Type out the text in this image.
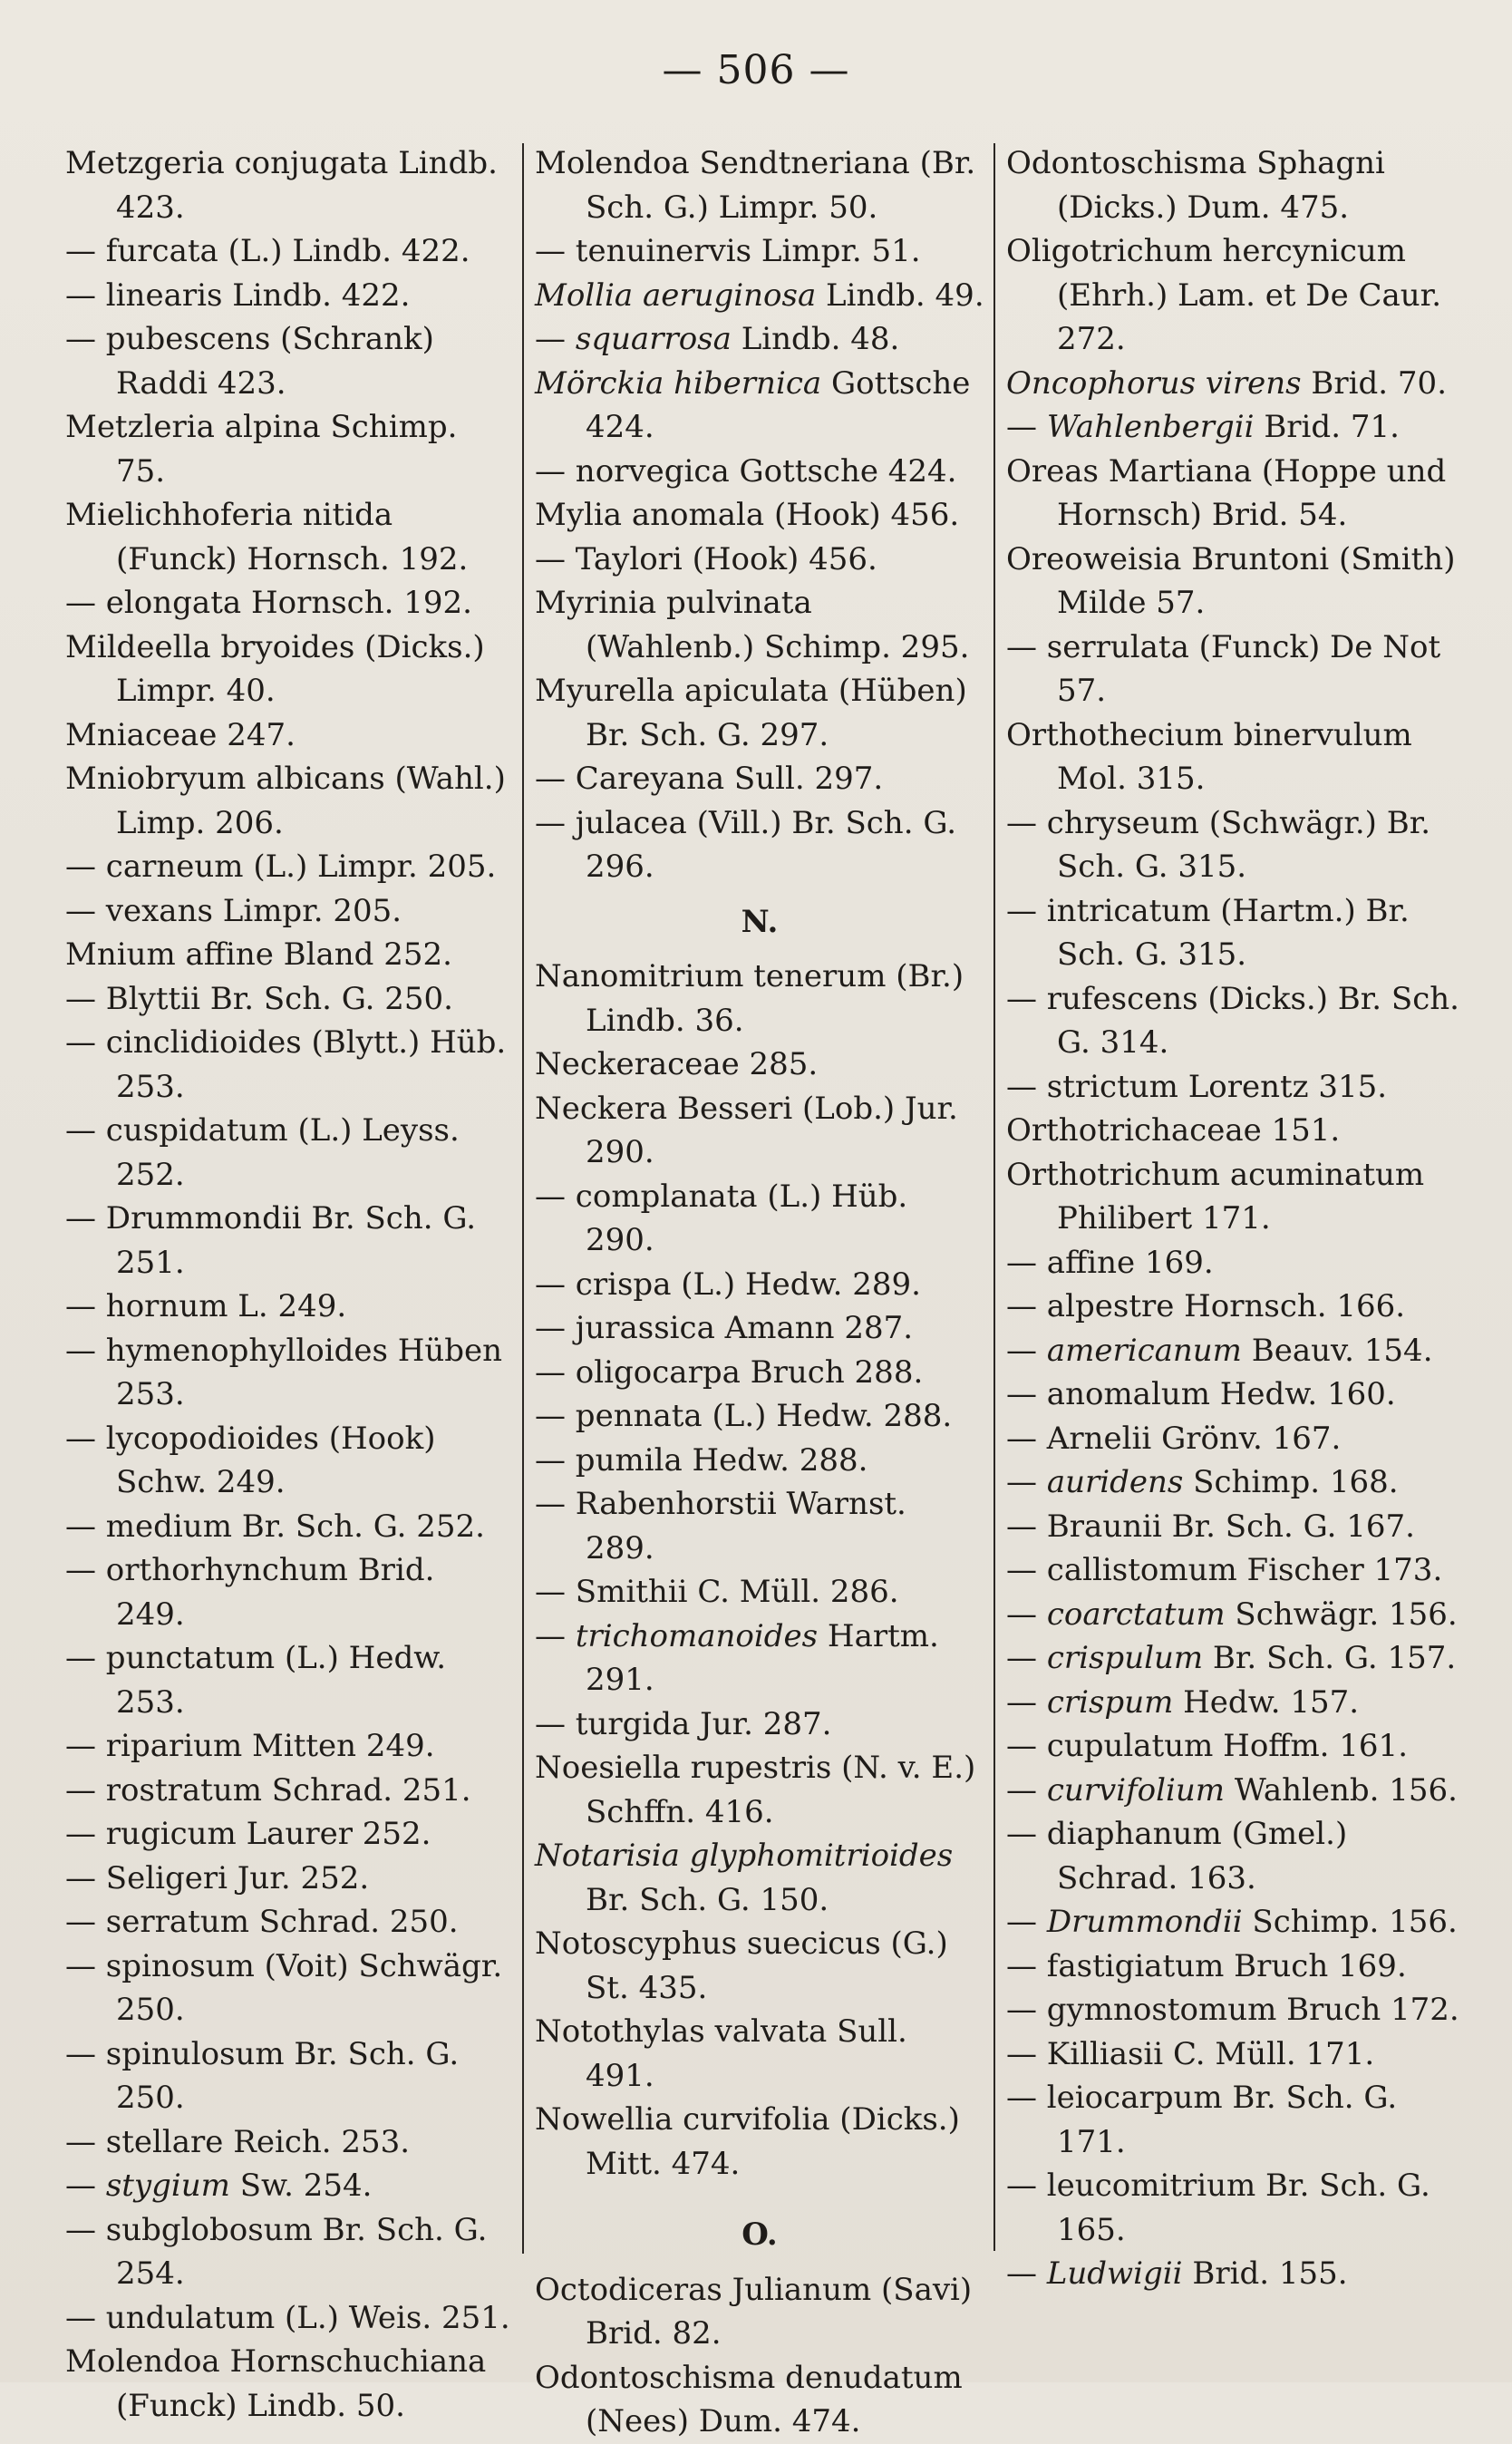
— 506 —

Metzgeria conjugata Lindb. 423.

— furcata (L.) Lindb. 422.

— linearis Lindb. 422.

— pubescens (Schrank) Raddi 423.

Metzleria alpina Schimp. 75.

Mielichhoferia nitida (Funck) Hornsch. 192.

— elongata Hornsch. 192.

Mildeella bryoides (Dicks.) Limpr. 40.

Mniaceae 247.

Mniobryum albicans (Wahl.) Limp. 206.

— carneum (L.) Limpr. 205.

— vexans Limpr. 205.

Mnium affine Bland 252.

— Blyttii Br. Sch. G. 250.

— cinclidioides (Blytt.) Hüb. 253.

— cuspidatum (L.) Leyss. 252.

— Drummondii Br. Sch. G. 251.

— hornum L. 249.

— hymenophylloides Hüben 253.

— lycopodioides (Hook) Schw. 249.

— medium Br. Sch. G. 252.

— orthorhynchum Brid. 249.

— punctatum (L.) Hedw. 253.

— riparium Mitten 249.

— rostratum Schrad. 251.

— rugicum Laurer 252.

— Seligeri Jur. 252.

— serratum Schrad. 250.

— spinosum (Voit) Schwägr. 250.

— spinulosum Br. Sch. G. 250.

— stellare Reich. 253.

— stygium Sw. 254.

— subglobosum Br. Sch. G. 254.

— undulatum (L.) Weis. 251.

Molendoa Hornschuchiana (Funck) Lindb. 50.

Molendoa Sendtneriana (Br. Sch. G.) Limpr. 50.

— tenuinervis Limpr. 51.

Mollia aeruginosa Lindb. 49.

— squarrosa Lindb. 48.

Mörckia hibernica Gottsche 424.

— norvegica Gottsche 424.

Mylia anomala (Hook) 456.

— Taylori (Hook) 456.

Myrinia pulvinata (Wahlenb.) Schimp. 295.

Myurella apiculata (Hüben) Br. Sch. G. 297.

— Careyana Sull. 297.

— julacea (Vill.) Br. Sch. G. 296.

N.

Nanomitrium tenerum (Br.) Lindb. 36.

Neckeraceae 285.

Neckera Besseri (Lob.) Jur. 290.

— complanata (L.) Hüb. 290.

— crispa (L.) Hedw. 289.

— jurassica Amann 287.

— oligocarpa Bruch 288.

— pennata (L.) Hedw. 288.

— pumila Hedw. 288.

— Rabenhorstii Warnst. 289.

— Smithii C. Müll. 286.

— trichomanoides Hartm. 291.

— turgida Jur. 287.

Noesiella rupestris (N. v. E.) Schffn. 416.

Notarisia glyphomitrioides Br. Sch. G. 150.

Notoscyphus suecicus (G.) St. 435.

Notothylas valvata Sull. 491.

Nowellia curvifolia (Dicks.) Mitt. 474.

O.

Octodiceras Julianum (Savi) Brid. 82.

Odontoschisma denudatum (Nees) Dum. 474.

Odontoschisma Sphagni (Dicks.) Dum. 475.

Oligotrichum hercynicum (Ehrh.) Lam. et De Caur. 272.

Oncophorus virens Brid. 70.

— Wahlenbergii Brid. 71.

Oreas Martiana (Hoppe und Hornsch) Brid. 54.

Oreoweisia Bruntoni (Smith) Milde 57.

— serrulata (Funck) De Not 57.

Orthothecium binervulum Mol. 315.

— chryseum (Schwägr.) Br. Sch. G. 315.

— intricatum (Hartm.) Br. Sch. G. 315.

— rufescens (Dicks.) Br. Sch. G. 314.

— strictum Lorentz 315.

Orthotrichaceae 151.

Orthotrichum acuminatum Philibert 171.

— affine 169.

— alpestre Hornsch. 166.

— americanum Beauv. 154.

— anomalum Hedw. 160.

— Arnelii Grönv. 167.

— auridens Schimp. 168.

— Braunii Br. Sch. G. 167.

— callistomum Fischer 173.

— coarctatum Schwägr. 156.

— crispulum Br. Sch. G. 157.

— crispum Hedw. 157.

— cupulatum Hoffm. 161.

— curvifolium Wahlenb. 156.

— diaphanum (Gmel.) Schrad. 163.

— Drummondii Schimp. 156.

— fastigiatum Bruch 169.

— gymnostomum Bruch 172.

— Killiasii C. Müll. 171.

— leiocarpum Br. Sch. G. 171.

— leucomitrium Br. Sch. G. 165.

— Ludwigii Brid. 155.
